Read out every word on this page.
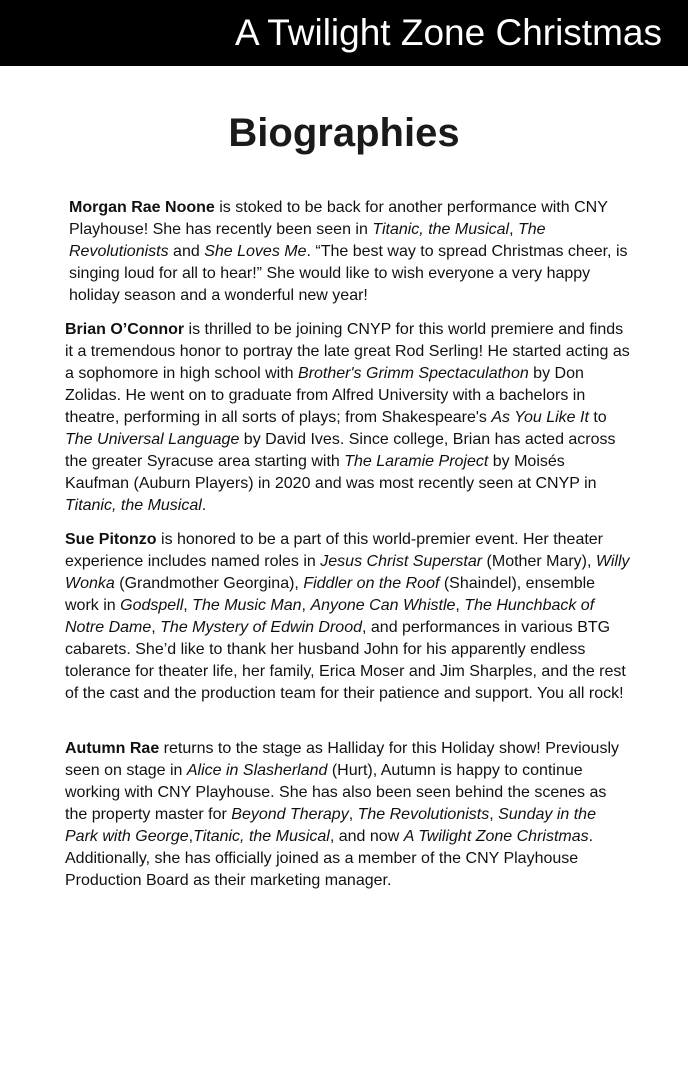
A Twilight Zone Christmas
Biographies

Morgan Rae Noone is stoked to be back for another performance with CNY Playhouse! She has recently been seen in Titanic, the Musical, The Revolutionists and She Loves Me. “The best way to spread Christmas cheer, is singing loud for all to hear!” She would like to wish everyone a very happy holiday season and a wonderful new year!

Brian O’Connor is thrilled to be joining CNYP for this world premiere and finds it a tremendous honor to portray the late great Rod Serling! He started acting as a sophomore in high school with Brother's Grimm Spectaculathon by Don Zolidas. He went on to graduate from Alfred University with a bachelors in theatre, performing in all sorts of plays; from Shakespeare's As You Like It to The Universal Language by David Ives. Since college, Brian has acted across the greater Syracuse area starting with The Laramie Project by Moisés Kaufman (Auburn Players) in 2020 and was most recently seen at CNYP in Titanic, the Musical.

Sue Pitonzo is honored to be a part of this world-premier event. Her theater experience includes named roles in Jesus Christ Superstar (Mother Mary), Willy Wonka (Grandmother Georgina), Fiddler on the Roof (Shaindel), ensemble work in Godspell, The Music Man, Anyone Can Whistle, The Hunchback of Notre Dame, The Mystery of Edwin Drood, and performances in various BTG cabarets. She’d like to thank her husband John for his apparently endless tolerance for theater life, her family, Erica Moser and Jim Sharples, and the rest of the cast and the production team for their patience and support. You all rock!

Autumn Rae returns to the stage as Halliday for this Holiday show! Previously seen on stage in Alice in Slasherland (Hurt), Autumn is happy to continue working with CNY Playhouse. She has also been seen behind the scenes as the property master for Beyond Therapy, The Revolutionists, Sunday in the Park with George,Titanic, the Musical, and now A Twilight Zone Christmas. Additionally, she has officially joined as a member of the CNY Playhouse Production Board as their marketing manager.
